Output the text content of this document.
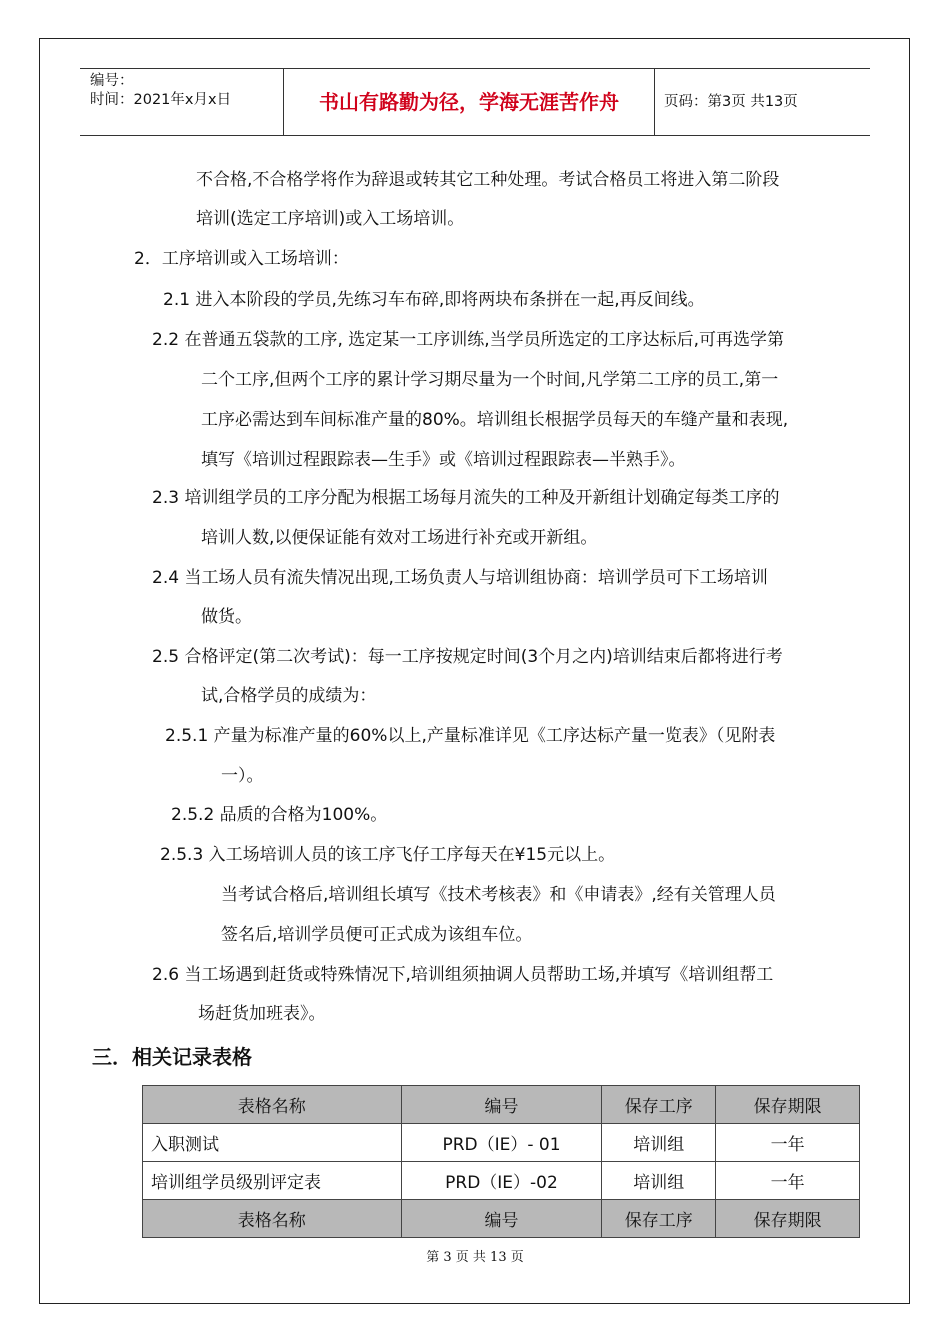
编号：
时间：2021年x月x日	书山有路勤为径，学海无涯苦作舟	页码：第3页 共13页
不合格,不合格学将作为辞退或转其它工种处理。考试合格员工将进入第二阶段
培训(选定工序培训)或入工场培训。
2．工序培训或入工场培训：
2.1 进入本阶段的学员,先练习车布碎,即将两块布条拼在一起,再反间线。
2.2 在普通五袋款的工序, 选定某一工序训练,当学员所选定的工序达标后,可再选学第
二个工序,但两个工序的累计学习期尽量为一个时间,凡学第二工序的员工,第一
工序必需达到车间标准产量的80%。培训组长根据学员每天的车缝产量和表现,
填写《培训过程跟踪表—生手》或《培训过程跟踪表—半熟手》。
2.3 培训组学员的工序分配为根据工场每月流失的工种及开新组计划确定每类工序的
培训人数,以便保证能有效对工场进行补充或开新组。
2.4 当工场人员有流失情况出现,工场负责人与培训组协商：培训学员可下工场培训
做货。
2.5 合格评定(第二次考试)：每一工序按规定时间(3个月之内)培训结束后都将进行考
试,合格学员的成绩为：
2.5.1 产量为标准产量的60%以上,产量标准详见《工序达标产量一览表》（见附表
一）。
2.5.2 品质的合格为100%。
2.5.3 入工场培训人员的该工序飞仔工序每天在¥15元以上。
当考试合格后,培训组长填写《技术考核表》和《申请表》,经有关管理人员
签名后,培训学员便可正式成为该组车位。
2.6 当工场遇到赶货或特殊情况下,培训组须抽调人员帮助工场,并填写《培训组帮工
场赶货加班表》。
三．相关记录表格
表格名称	编号	保存工序	保存期限
入职测试	PRD（IE）- 01	培训组	一年
培训组学员级别评定表	PRD（IE）-02	培训组	一年
表格名称	编号	保存工序	保存期限
第 3 页 共 13 页
